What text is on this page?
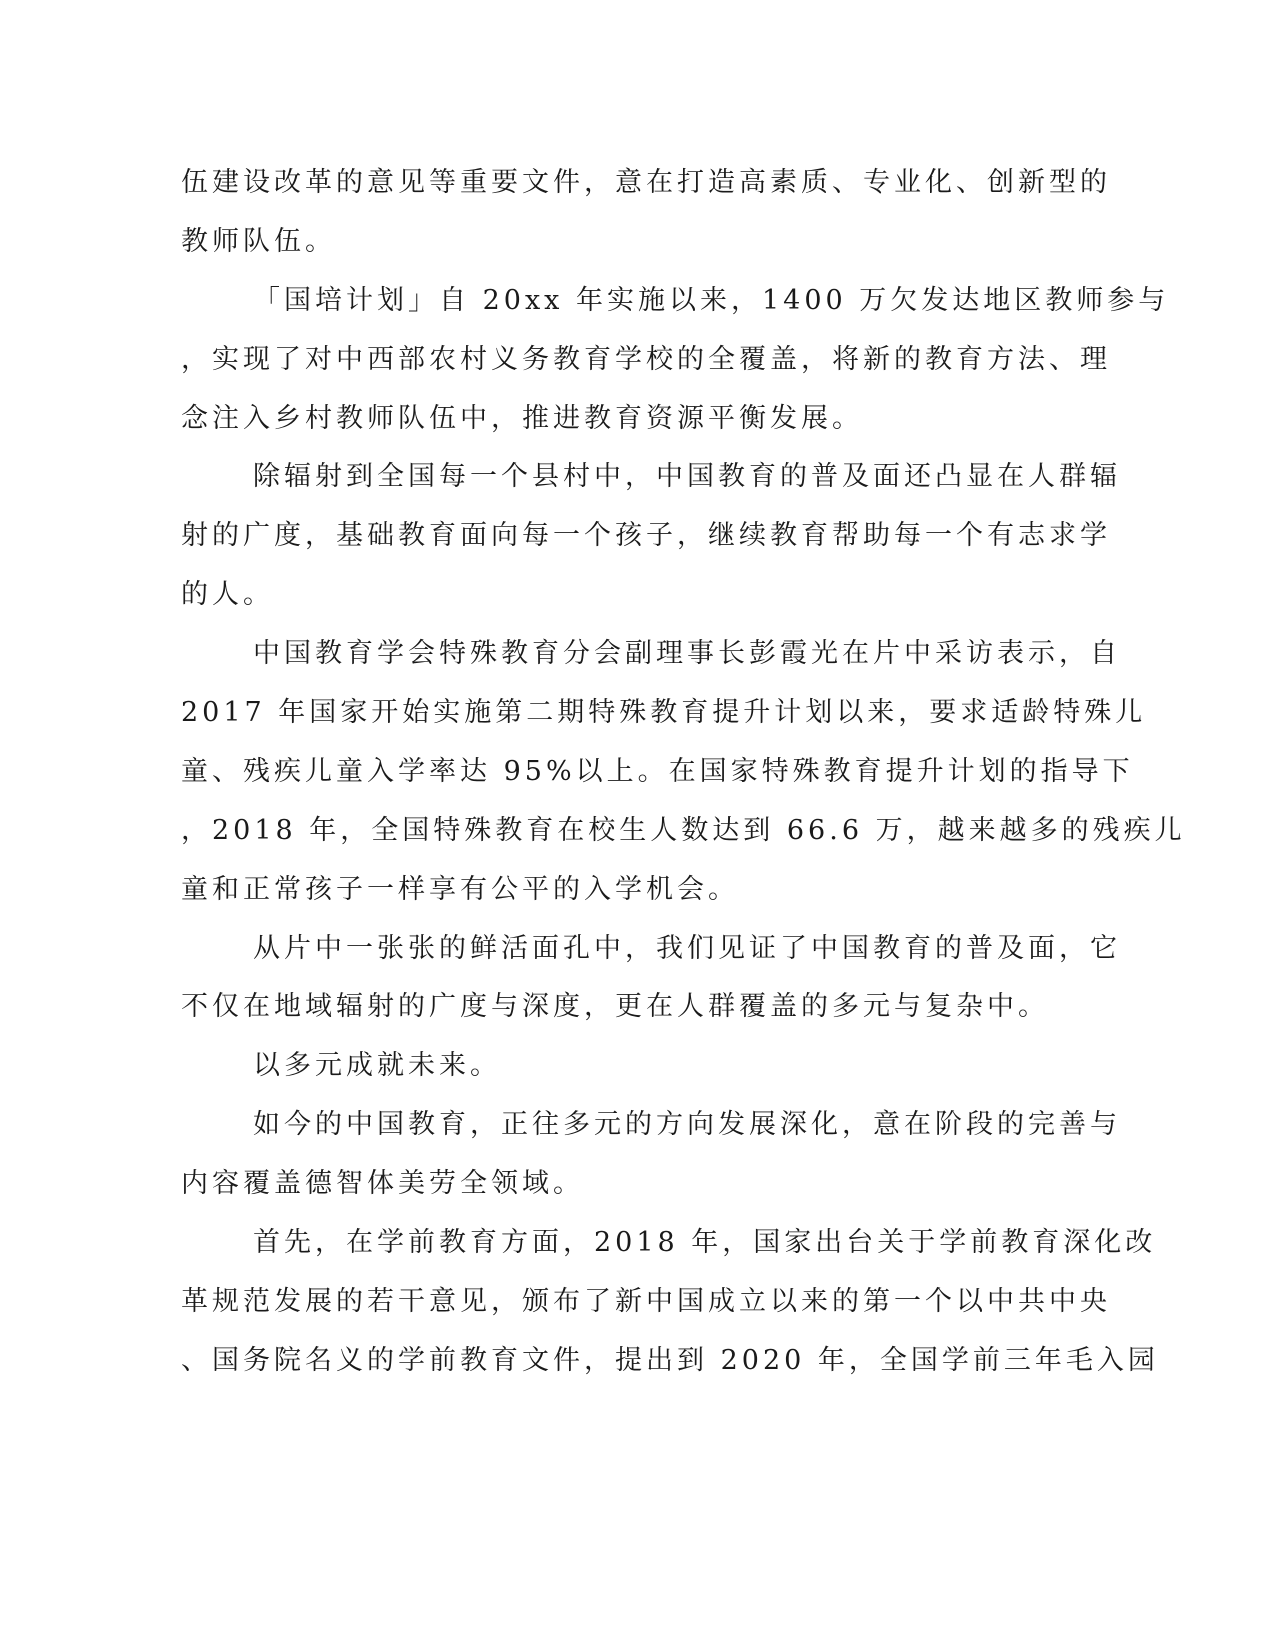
伍建设改革的意见等重要文件，意在打造高素质、专业化、创新型的
教师队伍。
「国培计划」自 20xx 年实施以来，1400 万欠发达地区教师参与
，实现了对中西部农村义务教育学校的全覆盖，将新的教育方法、理
念注入乡村教师队伍中，推进教育资源平衡发展。
除辐射到全国每一个县村中，中国教育的普及面还凸显在人群辐
射的广度，基础教育面向每一个孩子，继续教育帮助每一个有志求学
的人。
中国教育学会特殊教育分会副理事长彭霞光在片中采访表示，自
2017 年国家开始实施第二期特殊教育提升计划以来，要求适龄特殊儿
童、残疾儿童入学率达 95%以上。在国家特殊教育提升计划的指导下
，2018 年，全国特殊教育在校生人数达到 66.6 万，越来越多的残疾儿
童和正常孩子一样享有公平的入学机会。
从片中一张张的鲜活面孔中，我们见证了中国教育的普及面，它
不仅在地域辐射的广度与深度，更在人群覆盖的多元与复杂中。
以多元成就未来。
如今的中国教育，正往多元的方向发展深化，意在阶段的完善与
内容覆盖德智体美劳全领域。
首先，在学前教育方面，2018 年，国家出台关于学前教育深化改
革规范发展的若干意见，颁布了新中国成立以来的第一个以中共中央
、国务院名义的学前教育文件，提出到 2020 年，全国学前三年毛入园
